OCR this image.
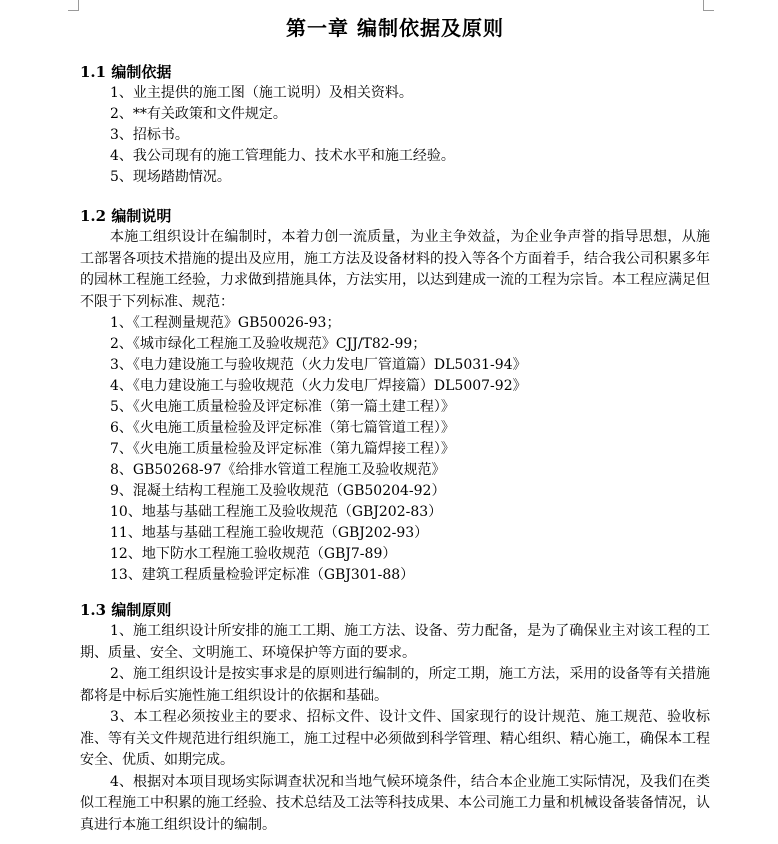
第一章 编制依据及原则
1.1 编制依据
1、业主提供的施工图（施工说明）及相关资料。
2、**有关政策和文件规定。
3、招标书。
4、我公司现有的施工管理能力、技术水平和施工经验。
5、现场踏勘情况。
1.2 编制说明

本施工组织设计在编制时，本着力创一流质量，为业主争效益，为企业争声誉的指导思想，从施工部署各项技术措施的提出及应用，施工方法及设备材料的投入等各个方面着手，结合我公司积累多年的园林工程施工经验，力求做到措施具体，方法实用，以达到建成一流的工程为宗旨。本工程应满足但不限于下列标准、规范：

1、《工程测量规范》GB50026-93；
2、《城市绿化工程施工及验收规范》CJJ/T82-99；
3、《电力建设施工与验收规范（火力发电厂管道篇）DL5031-94》
4、《电力建设施工与验收规范（火力发电厂焊接篇）DL5007-92》
5、《火电施工质量检验及评定标准（第一篇土建工程）》
6、《火电施工质量检验及评定标准（第七篇管道工程）》
7、《火电施工质量检验及评定标准（第九篇焊接工程）》
8、GB50268-97《给排水管道工程施工及验收规范》
9、混凝土结构工程施工及验收规范（GB50204-92）
10、地基与基础工程施工及验收规范（GBJ202-83）
11、地基与基础工程施工验收规范（GBJ202-93）
12、地下防水工程施工验收规范（GBJ7-89）
13、建筑工程质量检验评定标准（GBJ301-88）
1.3 编制原则

1、施工组织设计所安排的施工工期、施工方法、设备、劳力配备，是为了确保业主对该工程的工期、质量、安全、文明施工、环境保护等方面的要求。

2、施工组织设计是按实事求是的原则进行编制的，所定工期，施工方法，采用的设备等有关措施都将是中标后实施性施工组织设计的依据和基础。

3、本工程必须按业主的要求、招标文件、设计文件、国家现行的设计规范、施工规范、验收标准、等有关文件规范进行组织施工，施工过程中必须做到科学管理、精心组织、精心施工，确保本工程安全、优质、如期完成。

4、根据对本项目现场实际调查状况和当地气候环境条件，结合本企业施工实际情况，及我们在类似工程施工中积累的施工经验、技术总结及工法等科技成果、本公司施工力量和机械设备装备情况，认真进行本施工组织设计的编制。
